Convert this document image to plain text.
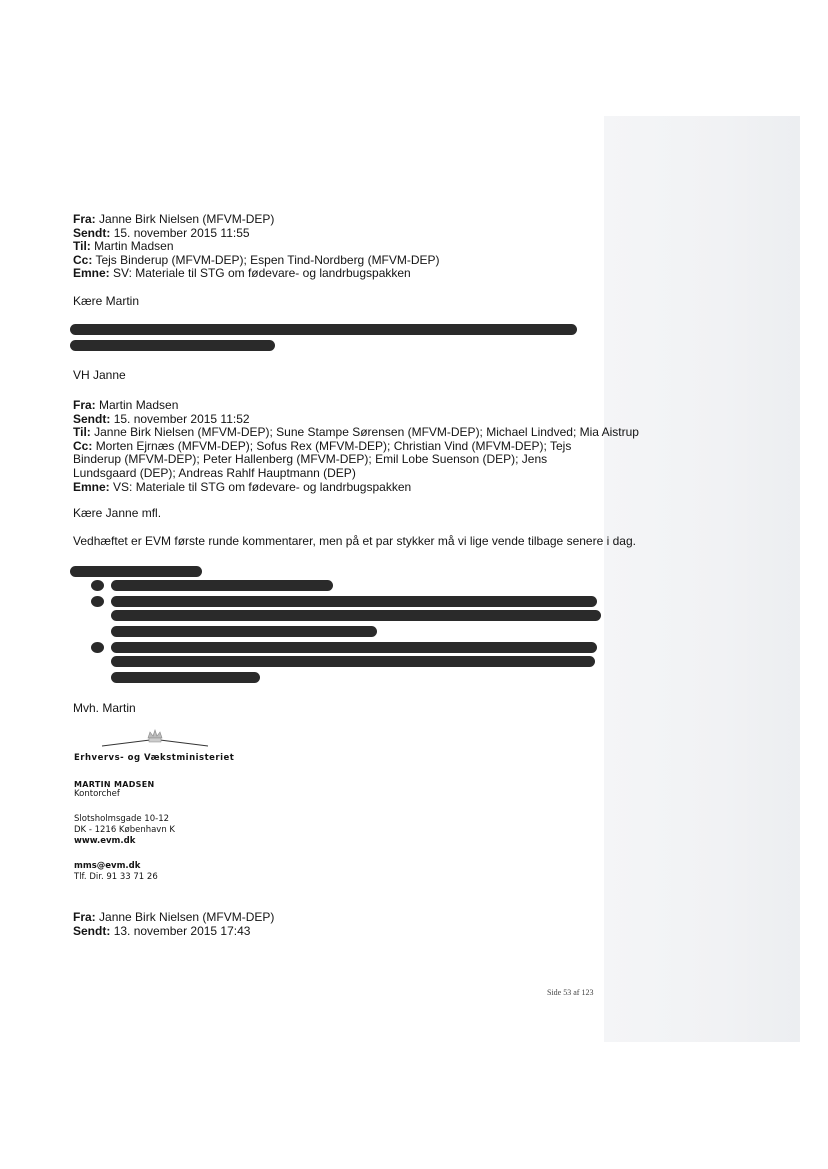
Fra: Janne Birk Nielsen (MFVM-DEP)
Sendt: 15. november 2015 11:55
Til: Martin Madsen
Cc: Tejs Binderup (MFVM-DEP); Espen Tind-Nordberg (MFVM-DEP)
Emne: SV: Materiale til STG om fødevare- og landrbugspakken
Kære Martin
VH Janne
Fra: Martin Madsen
Sendt: 15. november 2015 11:52
Til: Janne Birk Nielsen (MFVM-DEP); Sune Stampe Sørensen (MFVM-DEP); Michael Lindved; Mia Aistrup
Cc: Morten Ejrnæs (MFVM-DEP); Sofus Rex (MFVM-DEP); Christian Vind (MFVM-DEP); Tejs Binderup (MFVM-DEP); Peter Hallenberg (MFVM-DEP); Emil Lobe Suenson (DEP); Jens Lundsgaard (DEP); Andreas Rahlf Hauptmann (DEP)
Emne: VS: Materiale til STG om fødevare- og landrbugspakken
Kære Janne mfl.
Vedhæftet er EVM første runde kommentarer, men på et par stykker må vi lige vende tilbage senere i dag.
Mvh. Martin
Erhvervs- og Vækstministeriet
MARTIN MADSEN
Kontorchef
Slotsholmsgade 10-12
DK - 1216 København K
www.evm.dk
mms@evm.dk
Tlf. Dir. 91 33 71 26
Fra: Janne Birk Nielsen (MFVM-DEP)
Sendt: 13. november 2015 17:43
Side 53 af 123
